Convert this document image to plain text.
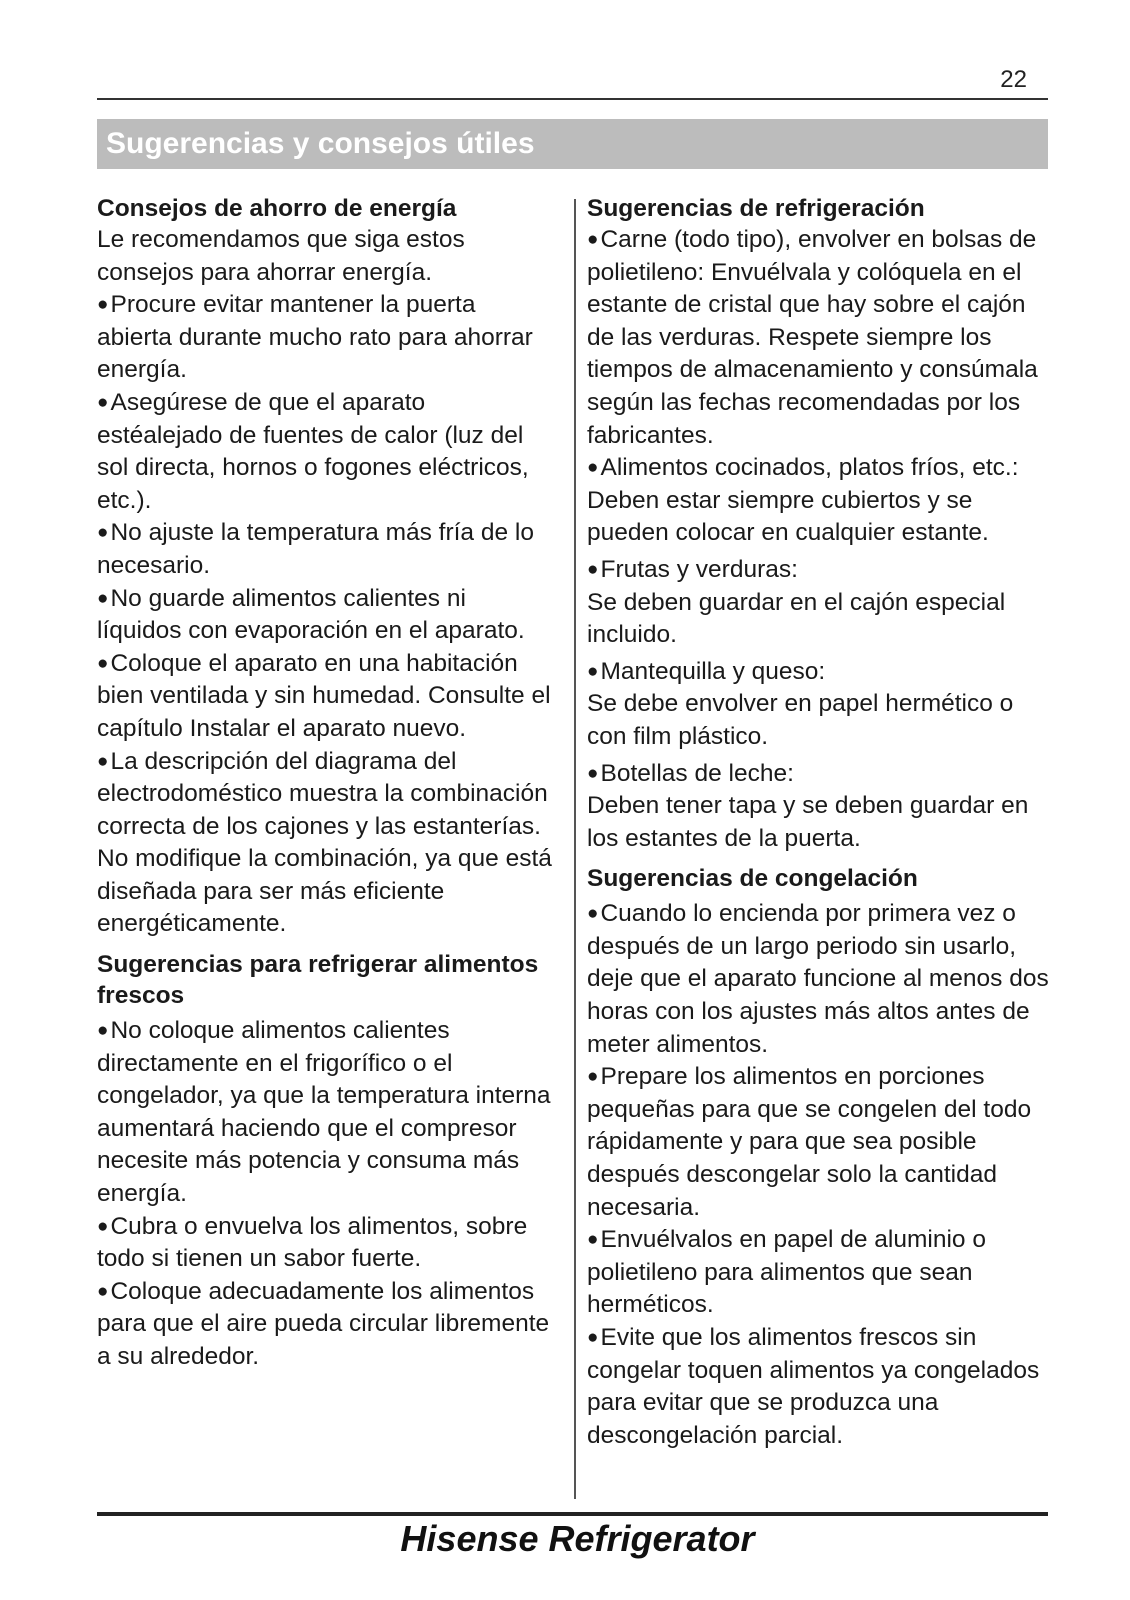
22
Sugerencias y consejos útiles
Consejos de ahorro de energía

Le recomendamos que siga estos consejos para ahorrar energía.

● Procure evitar mantener la puerta abierta durante mucho rato para ahorrar energía.

● Asegúrese de que el aparato estéalejado de fuentes de calor (luz del sol directa, hornos o fogones eléctricos, etc.).

● No ajuste la temperatura más fría de lo necesario.

● No guarde alimentos calientes ni líquidos con evaporación en el aparato.

● Coloque el aparato en una habitación bien ventilada y sin humedad. Consulte el capítulo Instalar el aparato nuevo.

● La descripción del diagrama del electrodoméstico muestra la combinación correcta de los cajones y las estanterías. No modifique la combinación, ya que está diseñada para ser más eficiente energéticamente.

Sugerencias para refrigerar alimentos frescos

● No coloque alimentos calientes directamente en el frigorífico o el congelador, ya que la temperatura interna aumentará haciendo que el compresor necesite más potencia y consuma más energía.

● Cubra o envuelva los alimentos, sobre todo si tienen un sabor fuerte.

● Coloque adecuadamente los alimentos para que el aire pueda circular libremente a su alrededor.

Sugerencias de refrigeración

● Carne (todo tipo), envolver en bolsas de polietileno: Envuélvala y colóquela en el estante de cristal que hay sobre el cajón de las verduras. Respete siempre los tiempos de almacenamiento y consúmala según las fechas recomendadas por los fabricantes.

● Alimentos cocinados, platos fríos, etc.: Deben estar siempre cubiertos y se pueden colocar en cualquier estante.

● Frutas y verduras:

Se deben guardar en el cajón especial incluido.

● Mantequilla y queso:

Se debe envolver en papel hermético o con film plástico.

● Botellas de leche:

Deben tener tapa y se deben guardar en los estantes de la puerta.

Sugerencias de congelación

● Cuando lo encienda por primera vez o después de un largo periodo sin usarlo, deje que el aparato funcione al menos dos horas con los ajustes más altos antes de meter alimentos.

● Prepare los alimentos en porciones pequeñas para que se congelen del todo rápidamente y para que sea posible después descongelar solo la cantidad necesaria.

● Envuélvalos en papel de aluminio o polietileno para alimentos que sean herméticos.

● Evite que los alimentos frescos sin congelar toquen alimentos ya congelados para evitar que se produzca una descongelación parcial.

Hisense Refrigerator
